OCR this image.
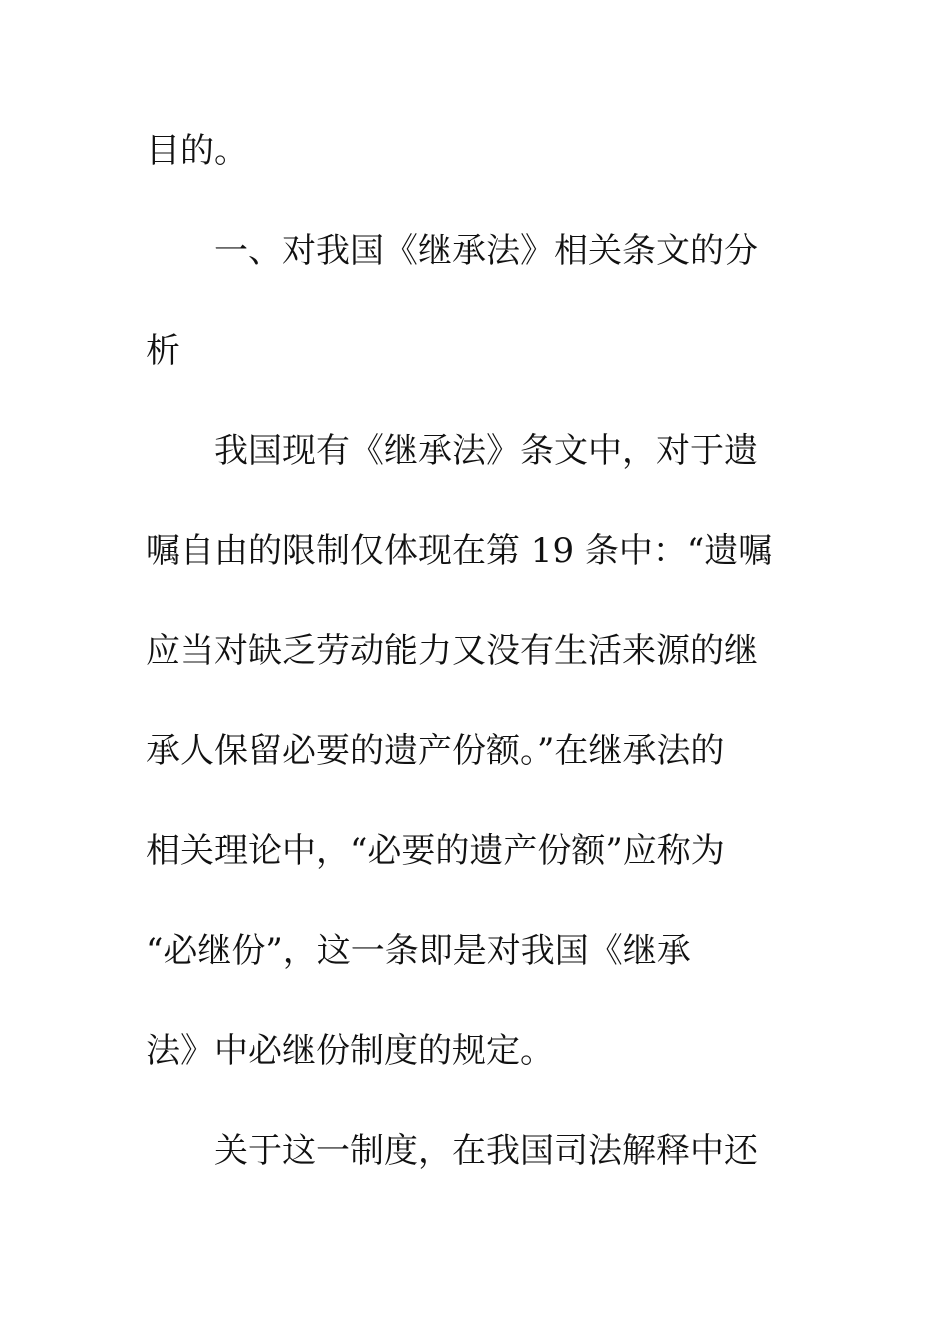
目的。
一、对我国《继承法》相关条文的分
析
我国现有《继承法》条文中，对于遗
嘱自由的限制仅体现在第 19 条中：“遗嘱
应当对缺乏劳动能力又没有生活来源的继
承人保留必要的遗产份额。”在继承法的
相关理论中，“必要的遗产份额”应称为
“必继份”，这一条即是对我国《继承
法》中必继份制度的规定。
关于这一制度，在我国司法解释中还
